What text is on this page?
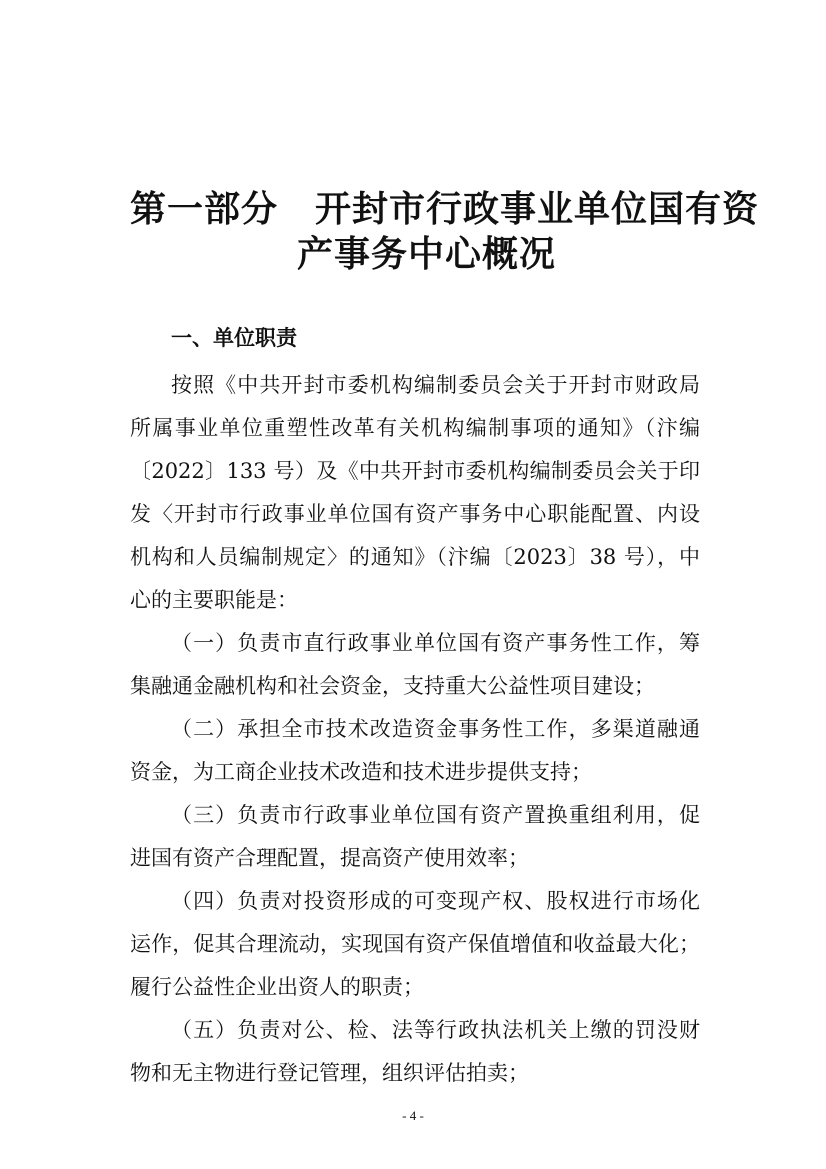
第一部分　开封市行政事业单位国有资
产事务中心概况
一、单位职责
按照《中共开封市委机构编制委员会关于开封市财政局
所属事业单位重塑性改革有关机构编制事项的通知》（汴编
〔2022〕133 号）及《中共开封市委机构编制委员会关于印
发〈开封市行政事业单位国有资产事务中心职能配置、内设
机构和人员编制规定〉的通知》（汴编〔2023〕38 号），中
心的主要职能是：
（一）负责市直行政事业单位国有资产事务性工作，筹
集融通金融机构和社会资金，支持重大公益性项目建设；
（二）承担全市技术改造资金事务性工作，多渠道融通
资金，为工商企业技术改造和技术进步提供支持；
（三）负责市行政事业单位国有资产置换重组利用，促
进国有资产合理配置，提高资产使用效率；
（四）负责对投资形成的可变现产权、股权进行市场化
运作，促其合理流动，实现国有资产保值增值和收益最大化；
履行公益性企业出资人的职责；
（五）负责对公、检、法等行政执法机关上缴的罚没财
物和无主物进行登记管理，组织评估拍卖；
- 4 -
